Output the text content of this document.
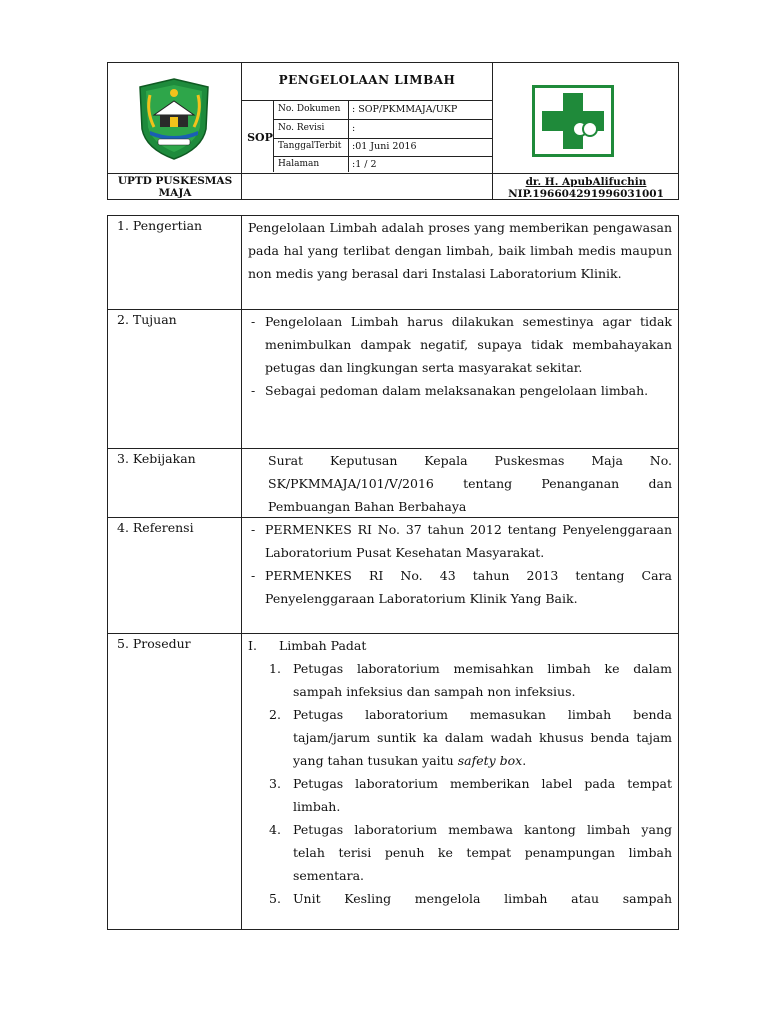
PENGELOLAAN LIMBAH
SOP
No. Dokumen : SOP/PKMMAJA/UKP
No. Revisi	:
TanggalTerbit :01 Juni 2016
Halaman	:1 / 2
UPTD PUSKESMAS
MAJA
dr. H. ApubAlifuchin
NIP.196604291996031001
1. Pengertian	Pengelolaan Limbah adalah proses yang memberikan pengawasan pada hal yang terlibat dengan limbah, baik limbah medis maupun non medis yang berasal dari Instalasi Laboratorium Klinik.
2. Tujuan	- Pengelolaan Limbah harus dilakukan semestinya agar tidak menimbulkan dampak negatif, supaya tidak membahayakan petugas dan lingkungan serta masyarakat sekitar.
- Sebagai pedoman dalam melaksanakan pengelolaan limbah.
3. Kebijakan	Surat Keputusan Kepala Puskesmas Maja No. SK/PKMMAJA/101/V/2016 tentang Penanganan dan Pembuangan Bahan Berbahaya
4. Referensi	- PERMENKES RI No. 37 tahun 2012 tentang Penyelenggaraan Laboratorium Pusat Kesehatan Masyarakat.
- PERMENKES RI No. 43 tahun 2013 tentang Cara Penyelenggaraan Laboratorium Klinik Yang Baik.
5. Prosedur	I. Limbah Padat
1. Petugas laboratorium memisahkan limbah ke dalam sampah infeksius dan sampah non infeksius.
2. Petugas laboratorium memasukan limbah benda tajam/jarum suntik ka dalam wadah khusus benda tajam yang tahan tusukan yaitu safety box.
3. Petugas laboratorium memberikan label pada tempat limbah.
4. Petugas laboratorium membawa kantong limbah yang telah terisi penuh ke tempat penampungan limbah sementara.
5. Unit Kesling mengelola limbah atau sampah
